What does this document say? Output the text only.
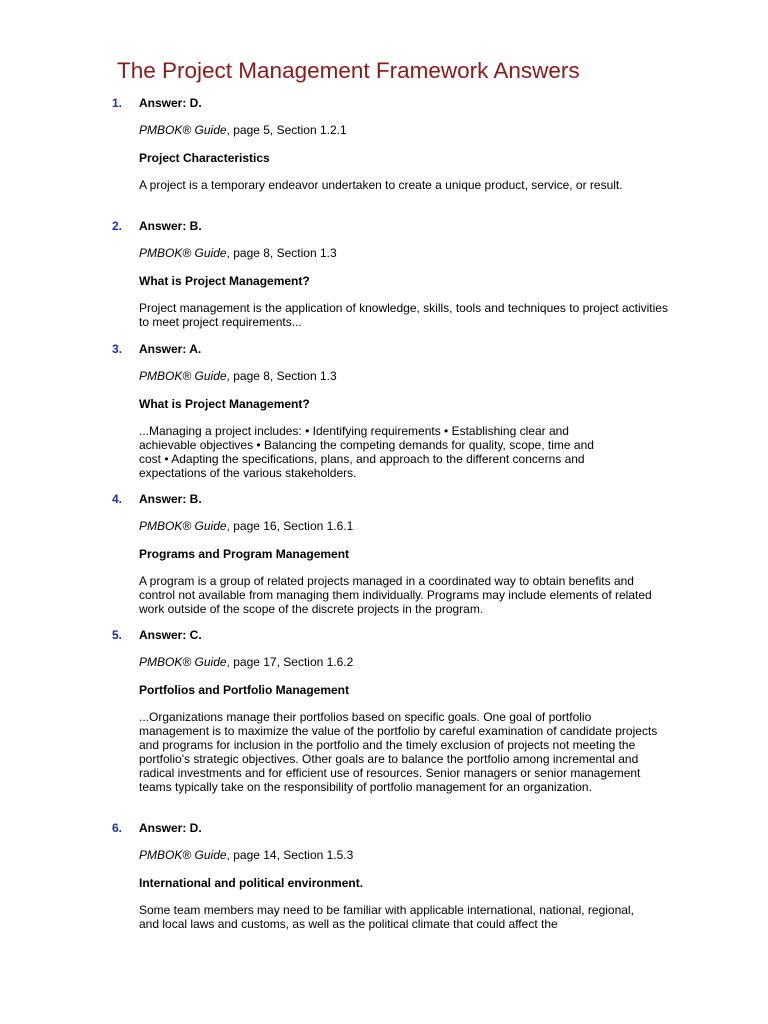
The Project Management Framework Answers
1. Answer: D.
PMBOK® Guide, page 5, Section 1.2.1
Project Characteristics
A project is a temporary endeavor undertaken to create a unique product, service, or result.
2. Answer: B.
PMBOK® Guide, page 8, Section 1.3
What is Project Management?
Project management is the application of knowledge, skills, tools and techniques to project activities to meet project requirements...
3. Answer: A.
PMBOK® Guide, page 8, Section 1.3
What is Project Management?
...Managing a project includes: • Identifying requirements • Establishing clear and achievable objectives • Balancing the competing demands for quality, scope, time and cost • Adapting the specifications, plans, and approach to the different concerns and expectations of the various stakeholders.
4. Answer: B.
PMBOK® Guide, page 16, Section 1.6.1
Programs and Program Management
A program is a group of related projects managed in a coordinated way to obtain benefits and control not available from managing them individually. Programs may include elements of related work outside of the scope of the discrete projects in the program.
5. Answer: C.
PMBOK® Guide, page 17, Section 1.6.2
Portfolios and Portfolio Management
...Organizations manage their portfolios based on specific goals. One goal of portfolio management is to maximize the value of the portfolio by careful examination of candidate projects and programs for inclusion in the portfolio and the timely exclusion of projects not meeting the portfolio's strategic objectives. Other goals are to balance the portfolio among incremental and radical investments and for efficient use of resources. Senior managers or senior management teams typically take on the responsibility of portfolio management for an organization.
6. Answer: D.
PMBOK® Guide, page 14, Section 1.5.3
International and political environment.
Some team members may need to be familiar with applicable international, national, regional, and local laws and customs, as well as the political climate that could affect the
